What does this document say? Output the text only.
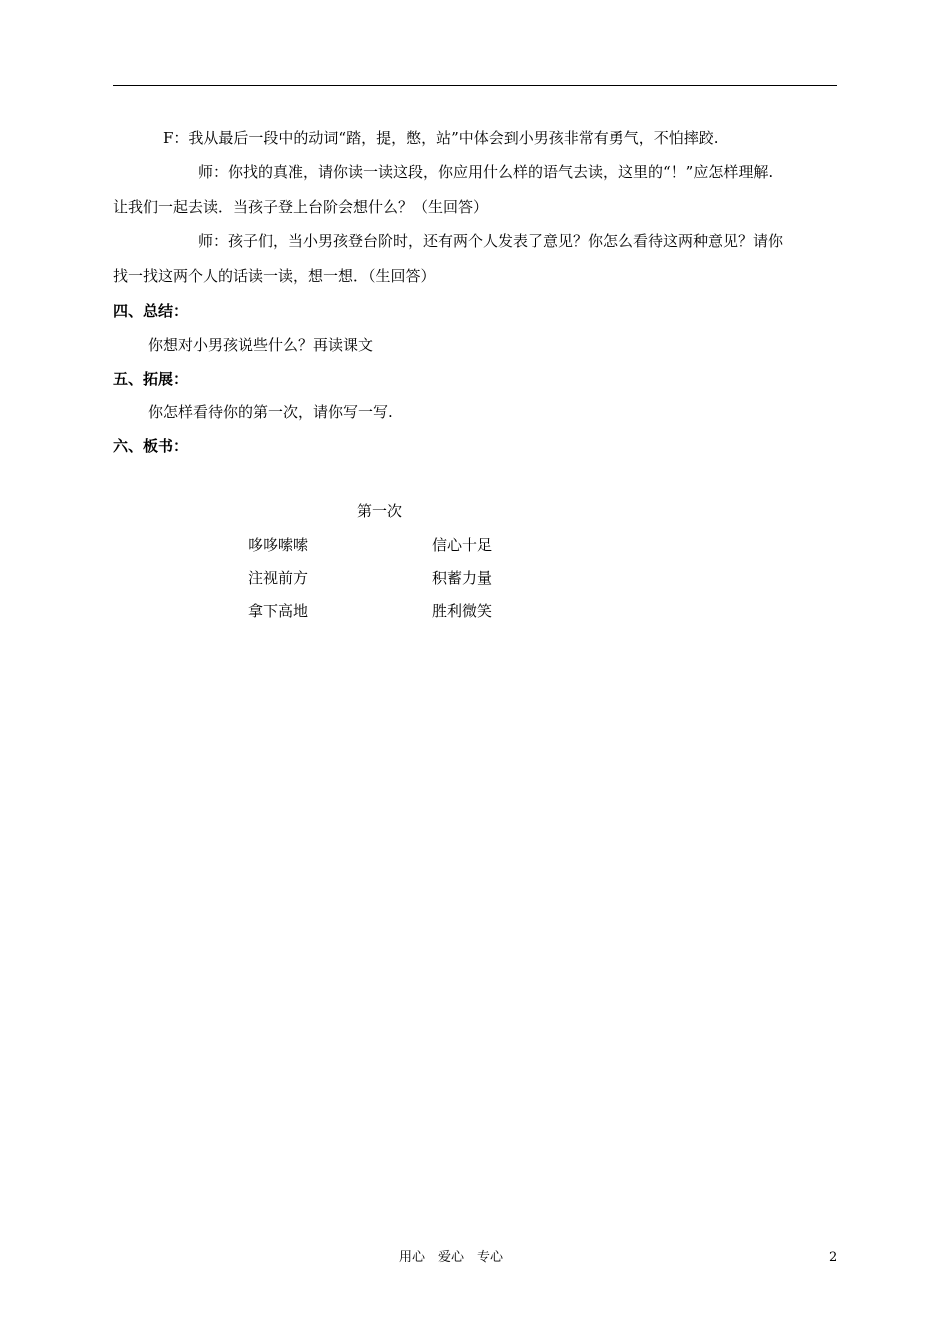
F：我从最后一段中的动词“踏，提，憋，站”中体会到小男孩非常有勇气，不怕摔跤.
师：你找的真准，请你读一读这段，你应用什么样的语气去读，这里的“！”应怎样理解.
让我们一起去读．当孩子登上台阶会想什么？（生回答）
师：孩子们，当小男孩登台阶时，还有两个人发表了意见？你怎么看待这两种意见？请你
找一找这两个人的话读一读，想一想．（生回答）
四、总结：
你想对小男孩说些什么？再读课文
五、拓展：
你怎样看待你的第一次，请你写一写.
六、板书：
第一次
哆哆嗦嗦	信心十足
注视前方	积蓄力量
拿下高地	胜利微笑
用心　爱心　专心	2
